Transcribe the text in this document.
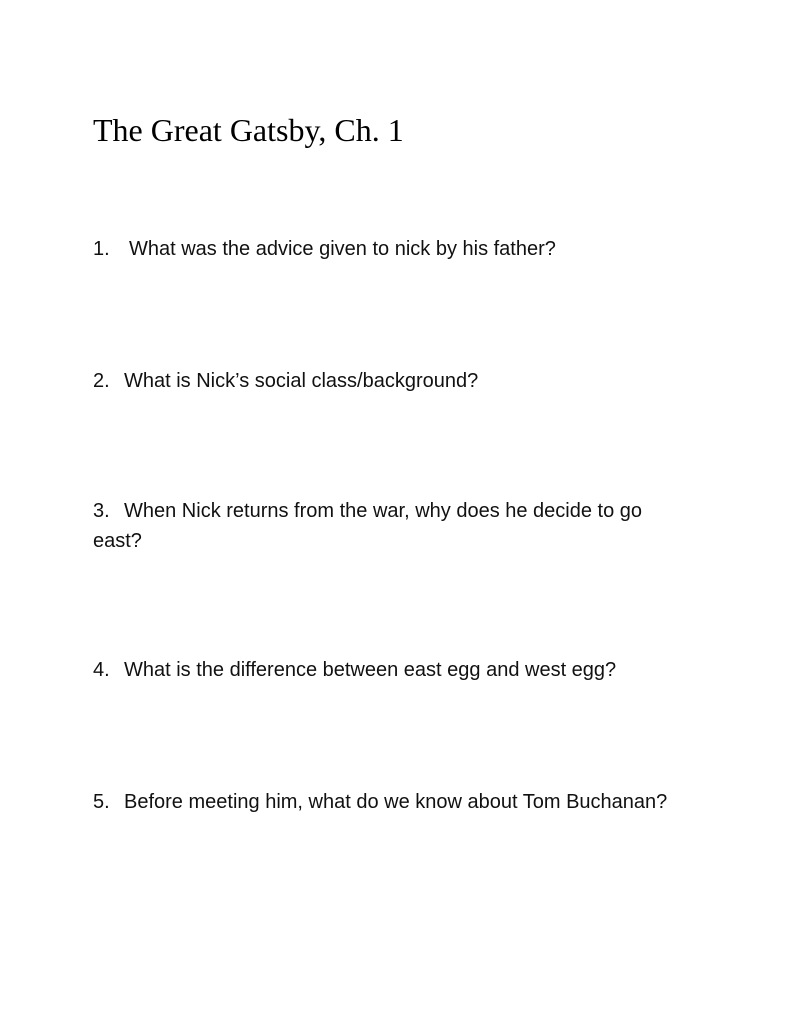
The Great Gatsby, Ch. 1

1. What was the advice given to nick by his father?

2. What is Nick’s social class/background?

3. When Nick returns from the war, why does he decide to go east?

4. What is the difference between east egg and west egg?

5. Before meeting him, what do we know about Tom Buchanan?
